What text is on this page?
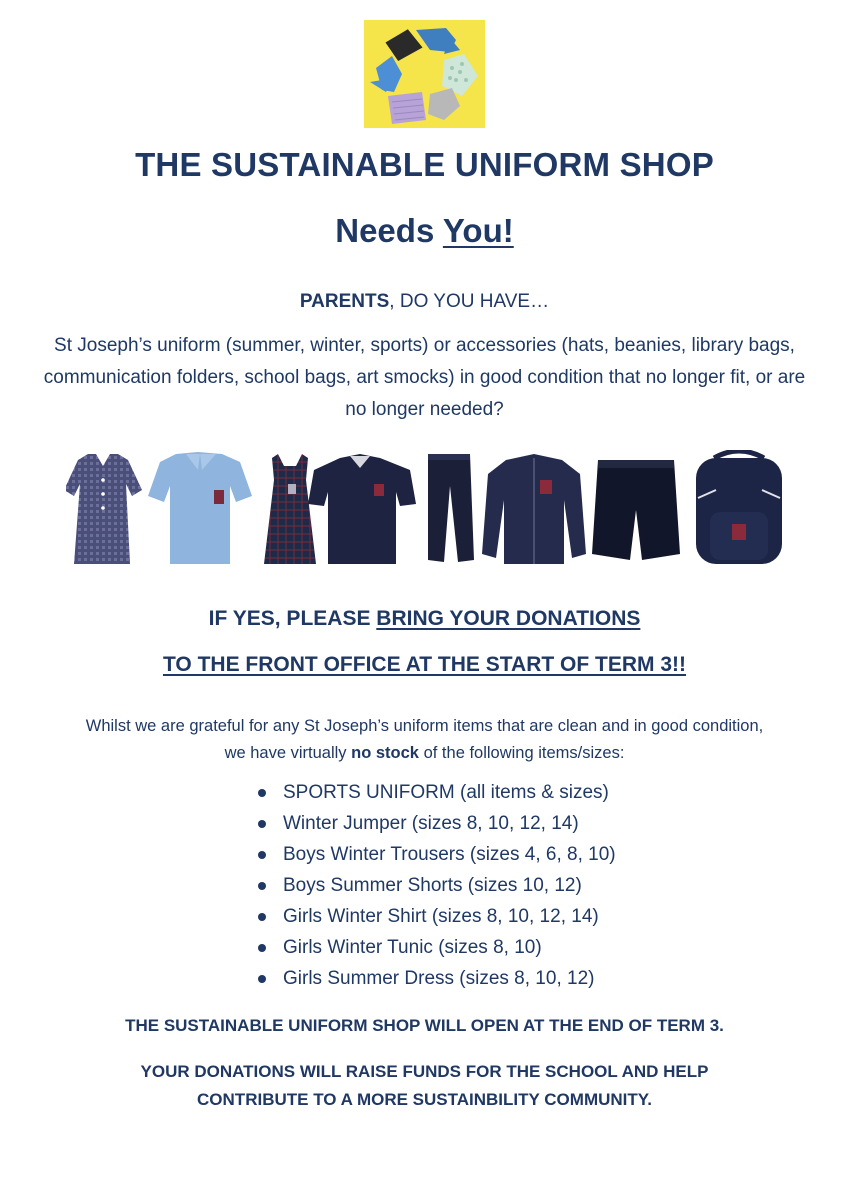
THE SUSTAINABLE UNIFORM SHOP
Needs You!
PARENTS, DO YOU HAVE…
St Joseph’s uniform (summer, winter, sports) or accessories (hats, beanies, library bags, communication folders, school bags, art smocks) in good condition that no longer fit, or are no longer needed?
IF YES, PLEASE BRING YOUR DONATIONS
TO THE FRONT OFFICE AT THE START OF TERM 3!!
Whilst we are grateful for any St Joseph’s uniform items that are clean and in good condition, we have virtually no stock of the following items/sizes:
SPORTS UNIFORM (all items & sizes)
Winter Jumper (sizes 8, 10, 12, 14)
Boys Winter Trousers (sizes 4, 6, 8, 10)
Boys Summer Shorts (sizes 10, 12)
Girls Winter Shirt (sizes 8, 10, 12, 14)
Girls Winter Tunic (sizes 8, 10)
Girls Summer Dress (sizes 8, 10, 12)
THE SUSTAINABLE UNIFORM SHOP WILL OPEN AT THE END OF TERM 3.
YOUR DONATIONS WILL RAISE FUNDS FOR THE SCHOOL AND HELP CONTRIBUTE TO A MORE SUSTAINBILITY COMMUNITY.
